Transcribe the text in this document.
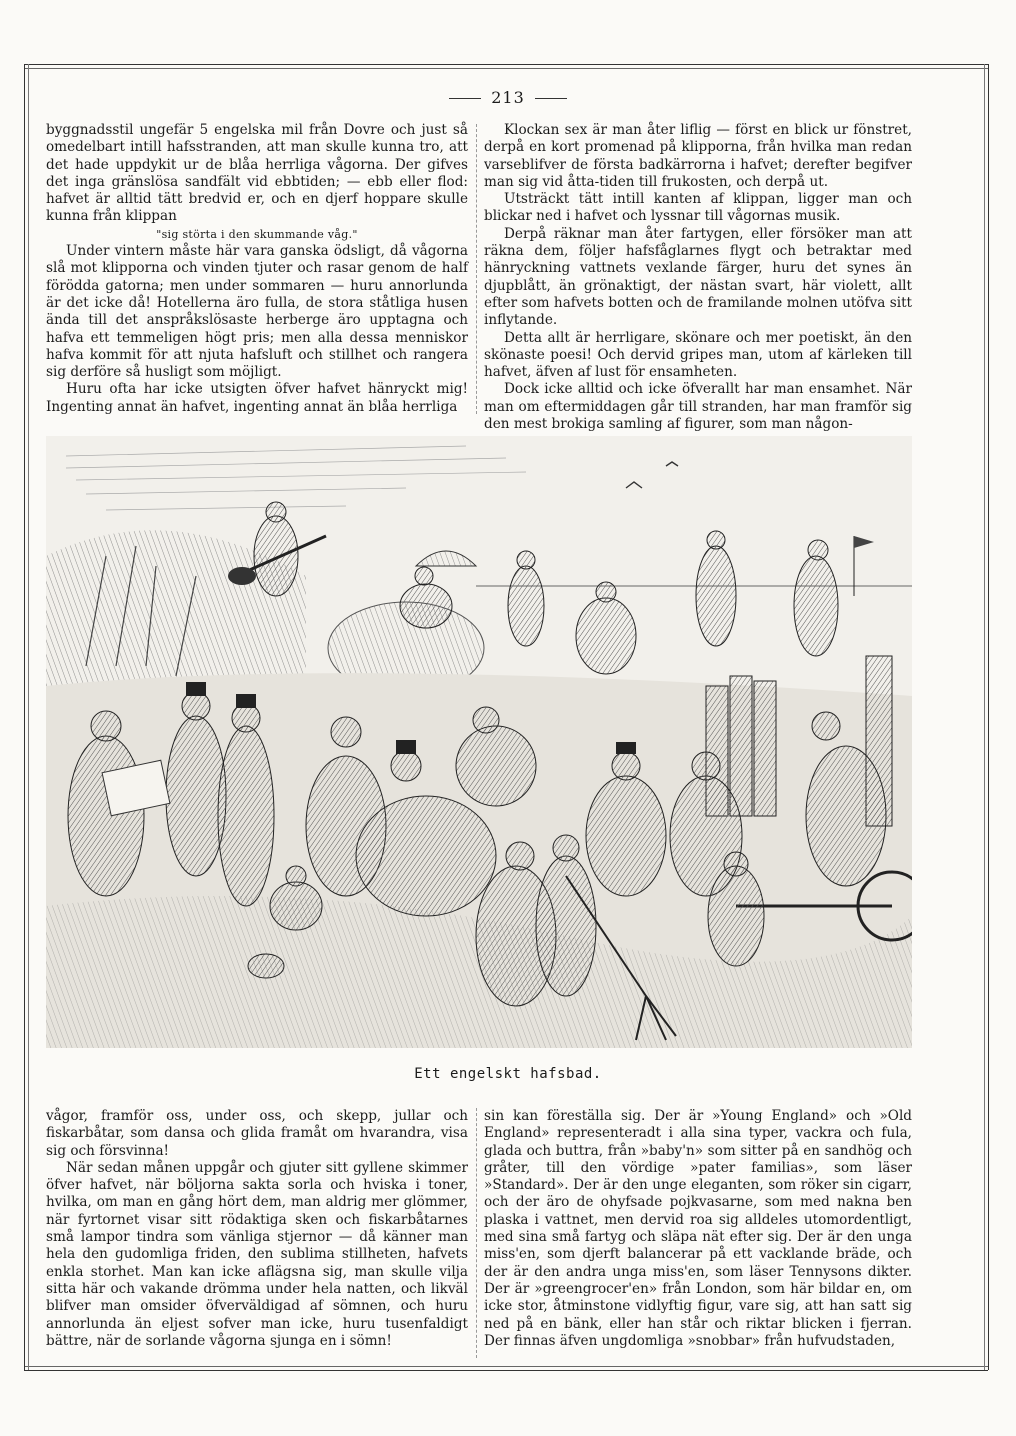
213

byggnadsstil ungefär 5 engelska mil från Dovre och just så omedelbart intill hafsstranden, att man skulle kunna tro, att det hade uppdykit ur de blåa herrliga vågorna. Der gifves det inga gränslösa sandfält vid ebbtiden; — ebb eller flod: hafvet är alltid tätt bredvid er, och en djerf hoppare skulle kunna från klippan

"sig störta i den skummande våg."

Under vintern måste här vara ganska ödsligt, då vågorna slå mot klipporna och vinden tjuter och rasar genom de half förödda gatorna; men under sommaren — huru annorlunda är det icke då! Hotellerna äro fulla, de stora ståtliga husen ända till det anspråkslösaste herberge äro upptagna och hafva ett temmeligen högt pris; men alla dessa menniskor hafva kommit för att njuta hafsluft och stillhet och rangera sig derföre så husligt som möjligt.

Huru ofta har icke utsigten öfver hafvet hänryckt mig! Ingenting annat än hafvet, ingenting annat än blåa herrliga

Klockan sex är man åter liflig — först en blick ur fönstret, derpå en kort promenad på klipporna, från hvilka man redan varseblifver de första badkärrorna i hafvet; derefter begifver man sig vid åtta-tiden till frukosten, och derpå ut.

Utsträckt tätt intill kanten af klippan, ligger man och blickar ned i hafvet och lyssnar till vågornas musik.

Derpå räknar man åter fartygen, eller försöker man att räkna dem, följer hafsfåglarnes flygt och betraktar med hänryckning vattnets vexlande färger, huru det synes än djupblått, än grönaktigt, der nästan svart, här violett, allt efter som hafvets botten och de framilande molnen utöfva sitt inflytande.

Detta allt är herrligare, skönare och mer poetiskt, än den skönaste poesi! Och dervid gripes man, utom af kärleken till hafvet, äfven af lust för ensamheten.

Dock icke alltid och icke öfverallt har man ensamhet. När man om eftermiddagen går till stranden, har man framför sig den mest brokiga samling af figurer, som man någon-

Ett engelskt hafsbad.

vågor, framför oss, under oss, och skepp, jullar och fiskarbåtar, som dansa och glida framåt om hvarandra, visa sig och försvinna!

När sedan månen uppgår och gjuter sitt gyllene skimmer öfver hafvet, när böljorna sakta sorla och hviska i toner, hvilka, om man en gång hört dem, man aldrig mer glömmer, när fyrtornet visar sitt rödaktiga sken och fiskarbåtarnes små lampor tindra som vänliga stjernor — då känner man hela den gudomliga friden, den sublima stillheten, hafvets enkla storhet. Man kan icke aflägsna sig, man skulle vilja sitta här och vakande drömma under hela natten, och likväl blifver man omsider öfverväldigad af sömnen, och huru annorlunda än eljest sofver man icke, huru tusenfaldigt bättre, när de sorlande vågorna sjunga en i sömn!

sin kan föreställa sig. Der är »Young England» och »Old England» representeradt i alla sina typer, vackra och fula, glada och buttra, från »baby'n» som sitter på en sandhög och gråter, till den vördige »pater familias», som läser »Standard». Der är den unge eleganten, som röker sin cigarr, och der äro de ohyfsade pojkvasarne, som med nakna ben plaska i vattnet, men dervid roa sig alldeles utomordentligt, med sina små fartyg och släpa nät efter sig. Der är den unga miss'en, som djerft balancerar på ett vacklande bräde, och der är den andra unga miss'en, som läser Tennysons dikter. Der är »greengrocer'en» från London, som här bildar en, om icke stor, åtminstone vidlyftig figur, vare sig, att han satt sig ned på en bänk, eller han står och riktar blicken i fjerran. Der finnas äfven ungdomliga »snobbar» från hufvudstaden,
